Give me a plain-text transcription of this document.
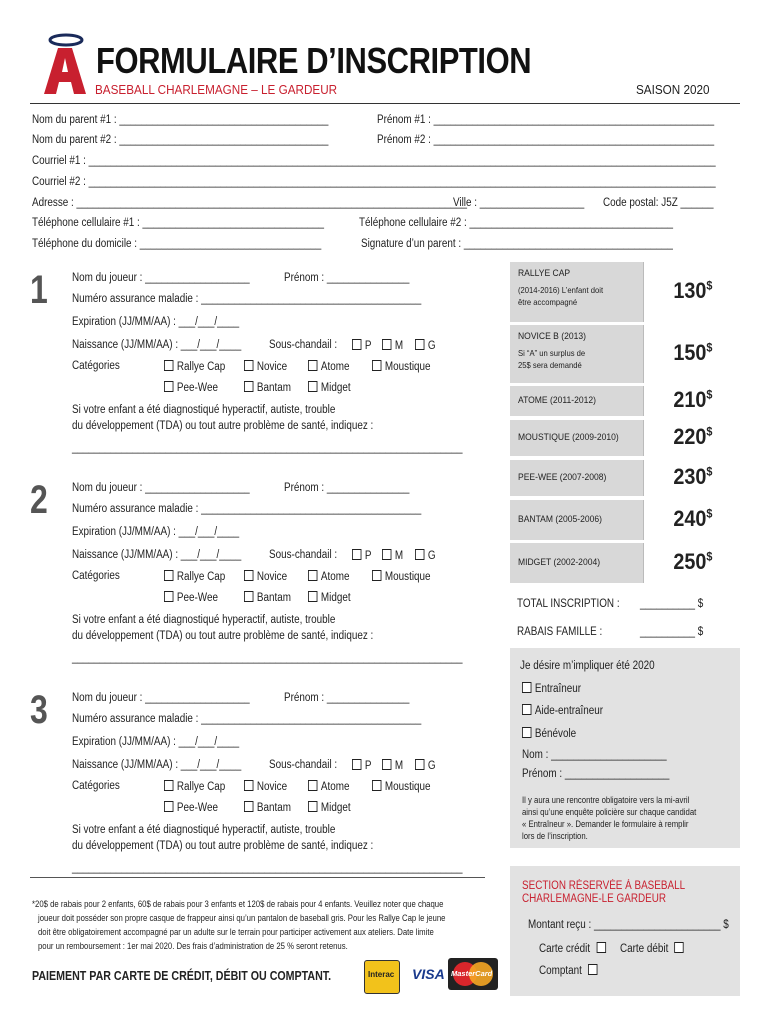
FORMULAIRE D’INSCRIPTION
BASEBALL CHARLEMAGNE – LE GARDEUR	SAISON 2020
Nom du parent #1 : ______________________________________	Prénom #1 : ___________________________________________________
Nom du parent #2 : ______________________________________	Prénom #2 : ___________________________________________________
Courriel #1 : __________________________________________________________________________________________________________________
Courriel #2 : __________________________________________________________________________________________________________________
Adresse : _______________________________________________________________________
Ville : ___________________ Code postal: J5Z ______
Téléphone cellulaire #1 : _________________________________	Téléphone cellulaire #2 : _____________________________________
Téléphone du domicile : _________________________________	Signature d’un parent : ______________________________________
1 Nom du joueur : ___________________	Prénom : _______________
Numéro assurance maladie : ________________________________________
Expiration (JJ/MM/AA) : ___/___/____
Naissance (JJ/MM/AA) : ___/___/____ Sous-chandail :
Catégories
Si votre enfant a été diagnostiqué hyperactif, autiste, trouble
du développement (TDA) ou tout autre problème de santé, indiquez :
_______________________________________________________________________
P	M	G
Rallye Cap	Novice	Atome	Moustique
Pee-Wee	Bantam	Midget
2 Nom du joueur : ___________________	Prénom : _______________
Numéro assurance maladie : ________________________________________
Expiration (JJ/MM/AA) : ___/___/____
Naissance (JJ/MM/AA) : ___/___/____ Sous-chandail :
Catégories
Si votre enfant a été diagnostiqué hyperactif, autiste, trouble
du développement (TDA) ou tout autre problème de santé, indiquez :
_______________________________________________________________________
P	M	G
Rallye Cap	Novice	Atome	Moustique
Pee-Wee	Bantam	Midget
3 Nom du joueur : ___________________	Prénom : _______________
Numéro assurance maladie : ________________________________________
Expiration (JJ/MM/AA) : ___/___/____
Naissance (JJ/MM/AA) : ___/___/____ Sous-chandail :
Catégories
Si votre enfant a été diagnostiqué hyperactif, autiste, trouble
du développement (TDA) ou tout autre problème de santé, indiquez :
_______________________________________________________________________
P	M	G
Rallye Cap	Novice	Atome	Moustique
Pee-Wee	Bantam	Midget
RALLYE CAP
(2014-2016) L’enfant doit
être accompagné	130$
NOVICE B (2013)
Si “A” un surplus de
25$ sera demandé	150$
ATOME (2011-2012)	210$
MOUSTIQUE (2009-2010) 220$
PEE-WEE (2007-2008)	230$
BANTAM (2005-2006)	240$
MIDGET (2002-2004)	250$
TOTAL INSCRIPTION : __________ $
RABAIS FAMILLE :	__________ $
Je désire m’impliquer été 2020
Entraîneur
Aide-entraîneur
Bénévole
Nom : _____________________
Prénom : ___________________
Il y aura une rencontre obligatoire vers la mi-avril
ainsi qu’une enquête policière sur chaque candidat
« Entraîneur ». Demander le formulaire à remplir
lors de l’inscription.
*20$ de rabais pour 2 enfants, 60$ de rabais pour 3 enfants et 120$ de rabais pour 4 enfants. Veuillez noter que chaque
joueur doit posséder son propre casque de frappeur ainsi qu’un pantalon de baseball gris. Pour les Rallye Cap le jeune
doit être obligatoirement accompagné par un adulte sur le terrain pour participer activement aux ateliers. Date limite
pour un remboursement : 1er mai 2020. Des frais d’administration de 25 % seront retenus.
PAIEMENT PAR CARTE DE CRÉDIT, DÉBIT OU COMPTANT.	Interac VISA MasterCard
SECTION RÉSERVÉE À BASEBALL
CHARLEMAGNE-LE GARDEUR
Montant reçu : _______________________ $
Carte crédit	Carte débit
Comptant
